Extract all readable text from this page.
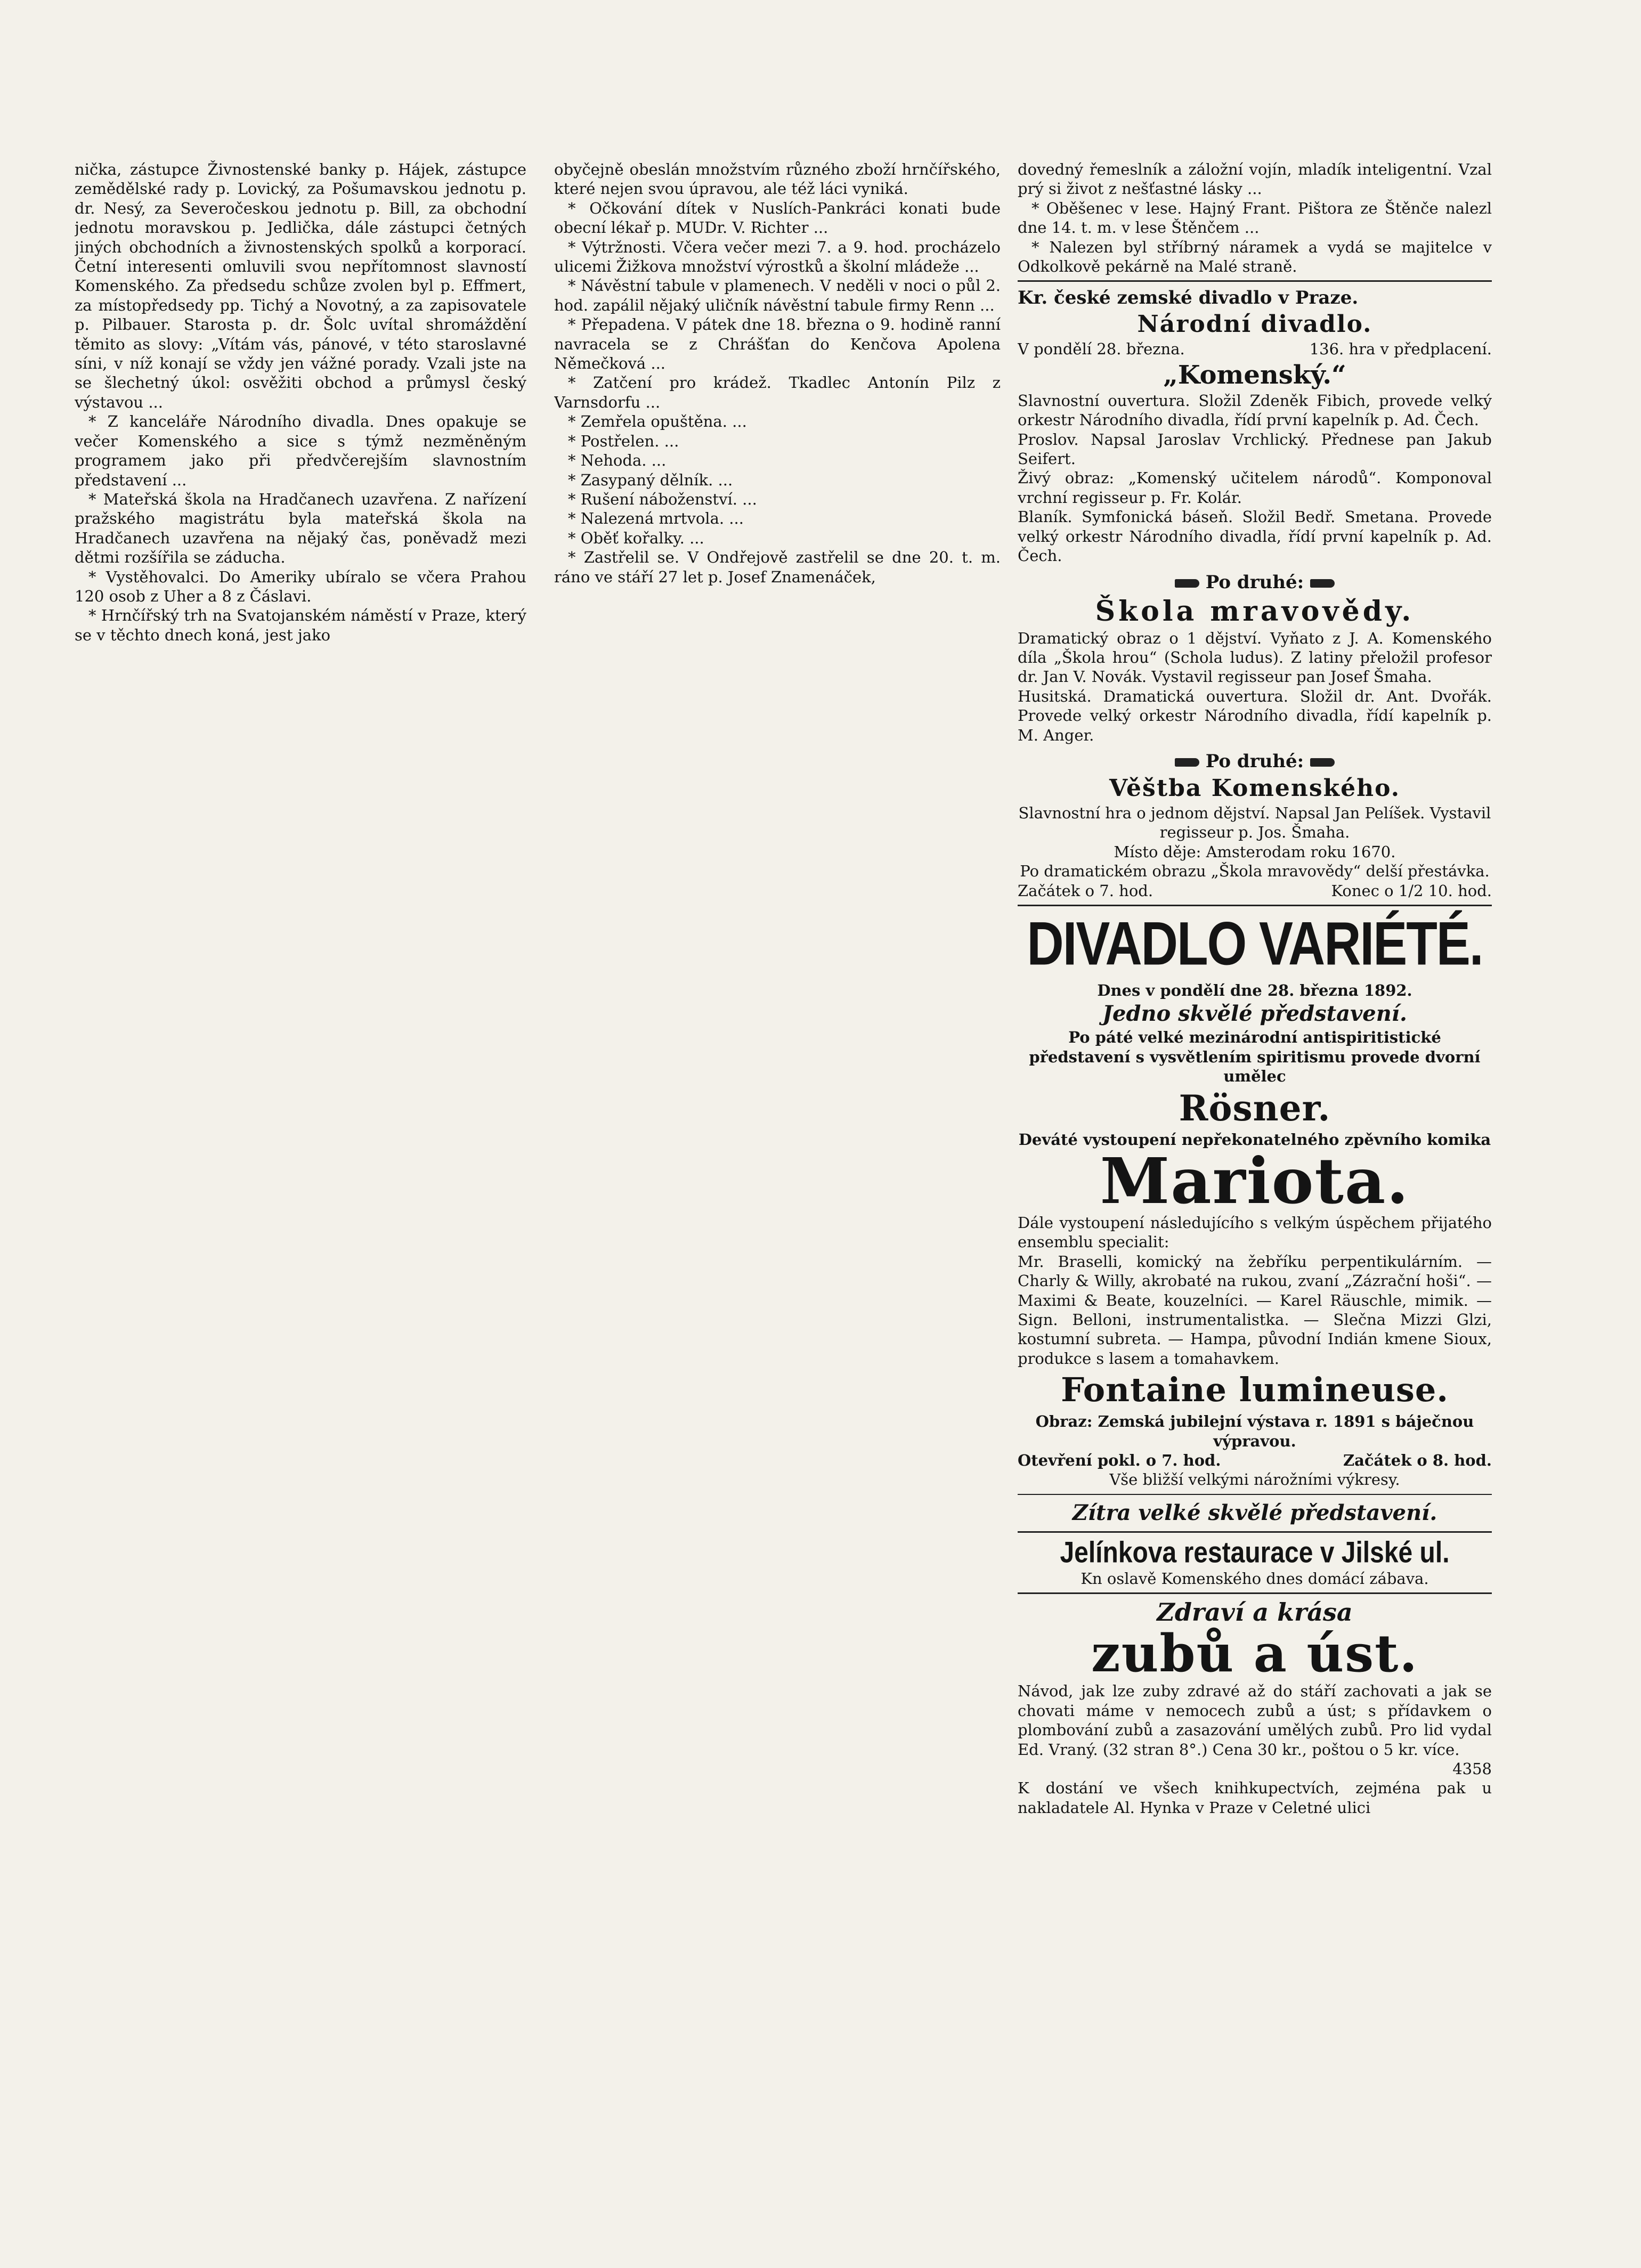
nička, zástupce Živnostenské banky p. Hájek, zástupce zemědělské rady p. Lovický, za Pošumavskou jednotu p. dr. Nesý, za Severočeskou jednotu p. Bill, za obchodní jednotu moravskou p. Jedlička, dále zástupci četných jiných obchodních a živnostenských spolků a korporací. Četní interesenti omluvili svou nepřítomnost slavností Komenského. Za předsedu schůze zvolen byl p. Effmert, za místopředsedy pp. Tichý a Novotný, a za zapisovatele p. Pilbauer. Starosta p. dr. Šolc uvítal shromáždění těmito as slovy: „Vítám vás, pánové, v této staroslavné síni, v níž konají se vždy jen vážné porady. Vzali jste na se šlechetný úkol: osvěžiti obchod a průmysl český výstavou ...

* Z kanceláře Národního divadla. Dnes opakuje se večer Komenského a sice s týmž nezměněným programem jako při předvčerejším slavnostním představení ...

* Mateřská škola na Hradčanech uzavřena. Z nařízení pražského magistrátu byla mateřská škola na Hradčanech uzavřena na nějaký čas, poněvadž mezi dětmi rozšířila se záducha.

* Vystěhovalci. Do Ameriky ubíralo se včera Prahou 120 osob z Uher a 8 z Čáslavi.

* Hrnčířský trh na Svatojanském náměstí v Praze, který se v těchto dnech koná, jest jako

obyčejně obeslán množstvím různého zboží hrnčířského, které nejen svou úpravou, ale též láci vyniká.

* Očkování dítek v Nuslích-Pankráci konati bude obecní lékař p. MUDr. V. Richter ...

* Výtržnosti. Včera večer mezi 7. a 9. hod. procházelo ulicemi Žižkova množství výrostků a školní mládeže ...

* Návěstní tabule v plamenech. V neděli v noci o půl 2. hod. zapálil nějaký uličník návěstní tabule firmy Renn ...

* Přepadena. V pátek dne 18. března o 9. hodině ranní navracela se z Chrášťan do Kenčova Apolena Němečková ...

* Zatčení pro krádež. Tkadlec Antonín Pilz z Varnsdorfu ...

* Zemřela opuštěna. ...

* Postřelen. ...

* Nehoda. ...

* Zasypaný dělník. ...

* Rušení náboženství. ...

* Nalezená mrtvola. ...

* Oběť kořalky. ...

* Zastřelil se. V Ondřejově zastřelil se dne 20. t. m. ráno ve stáří 27 let p. Josef Znamenáček,

dovedný řemeslník a záložní vojín, mladík inteligentní. Vzal prý si život z nešťastné lásky ...

* Oběšenec v lese. Hajný Frant. Pištora ze Štěnče nalezl dne 14. t. m. v lese Štěnčem ...

* Nalezen byl stříbrný náramek a vydá se majitelce v Odkolkově pekárně na Malé straně.

Kr. české zemské divadlo v Praze.
Národní divadlo.
V pondělí 28. března.	136. hra v předplacení.
„Komenský.“

Slavnostní ouvertura. Složil Zdeněk Fibich, provede velký orkestr Národního divadla, řídí první kapelník p. Ad. Čech.

Proslov. Napsal Jaroslav Vrchlický. Přednese pan Jakub Seifert.

Živý obraz: „Komenský učitelem národů“. Komponoval vrchní regisseur p. Fr. Kolár.

Blaník. Symfonická báseň. Složil Bedř. Smetana. Provede velký orkestr Národního divadla, řídí první kapelník p. Ad. Čech.

Po druhé:
Škola mravovědy.

Dramatický obraz o 1 dějství. Vyňato z J. A. Komenského díla „Škola hrou“ (Schola ludus). Z latiny přeložil profesor dr. Jan V. Novák. Vystavil regisseur pan Josef Šmaha.

Husitská. Dramatická ouvertura. Složil dr. Ant. Dvořák. Provede velký orkestr Národního divadla, řídí kapelník p. M. Anger.

Po druhé:
Věštba Komenského.

Slavnostní hra o jednom dějství. Napsal Jan Pelíšek. Vystavil regisseur p. Jos. Šmaha.

Místo děje: Amsterodam roku 1670.

Po dramatickém obrazu „Škola mravovědy“ delší přestávka.

Začátek o 7. hod.	Konec o 1/2 10. hod.
DIVADLO VARIÉTÉ.
Dnes v pondělí dne 28. března 1892.
Jedno skvělé představení.

Po páté velké mezinárodní antispiritistické představení s vysvětlením spiritismu provede dvorní umělec

Rösner.

Deváté vystoupení nepřekonatelného zpěvního komika

Mariota.

Dále vystoupení následujícího s velkým úspěchem přijatého ensemblu specialit:

Mr. Braselli, komický na žebříku perpentikulárním. — Charly & Willy, akrobaté na rukou, zvaní „Zázrační hoši“. — Maximi & Beate, kouzelníci. — Karel Räuschle, mimik. — Sign. Belloni, instrumentalistka. — Slečna Mizzi Glzi, kostumní subreta. — Hampa, původní Indián kmene Sioux, produkce s lasem a tomahavkem.

Fontaine lumineuse.

Obraz: Zemská jubilejní výstava r. 1891 s báječnou výpravou.

Otevření pokl. o 7. hod.	Začátek o 8. hod.
Vše bližší velkými nárožními výkresy.
Zítra velké skvělé představení.
Jelínkova restaurace v Jilské ul.
Kn oslavě Komenského dnes domácí zábava.
Zdraví a krása
zubů a úst.

Návod, jak lze zuby zdravé až do stáří zachovati a jak se chovati máme v nemocech zubů a úst; s přídavkem o plombování zubů a zasazování umělých zubů. Pro lid vydal Ed. Vraný. (32 stran 8°.) Cena 30 kr., poštou o 5 kr. více.

4358

K dostání ve všech knihkupectvích, zejména pak u nakladatele Al. Hynka v Praze v Celetné ulici
